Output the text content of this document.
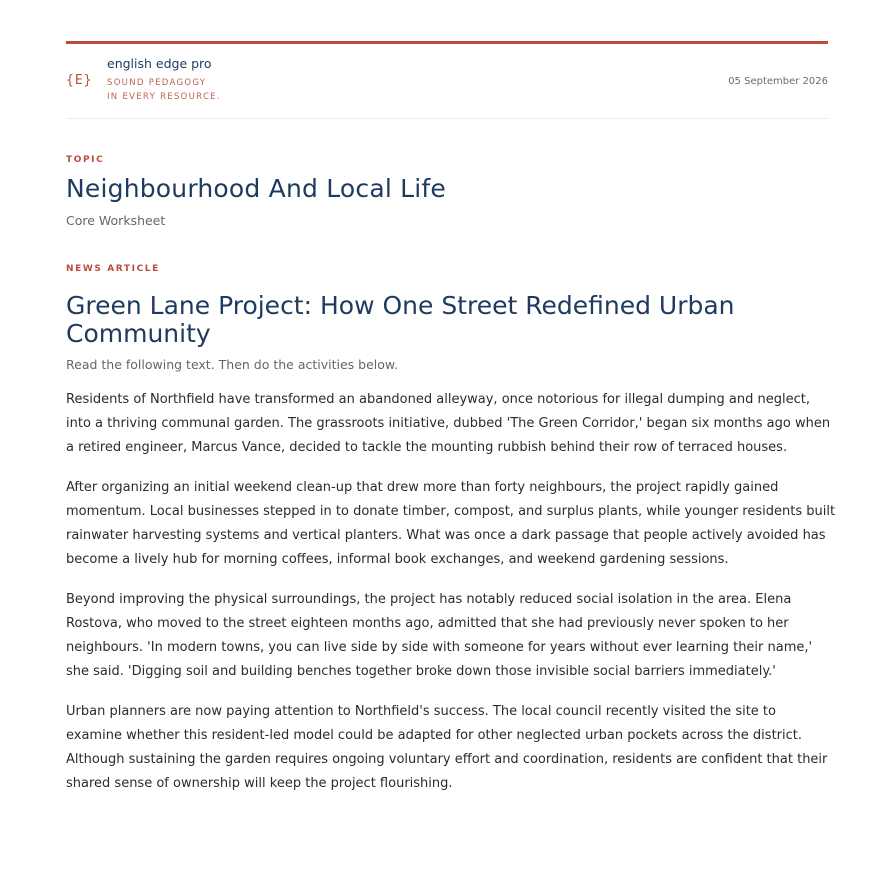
{E}
english edge pro
SOUND PEDAGOGY
IN EVERY RESOURCE.
05 September 2026
TOPIC
Neighbourhood And Local Life
Core Worksheet
NEWS ARTICLE
Green Lane Project: How One Street Redefined Urban Community
Read the following text. Then do the activities below.

Residents of Northfield have transformed an abandoned alleyway, once notorious for illegal dumping and neglect, into a thriving communal garden. The grassroots initiative, dubbed 'The Green Corridor,' began six months ago when a retired engineer, Marcus Vance, decided to tackle the mounting rubbish behind their row of terraced houses.

After organizing an initial weekend clean-up that drew more than forty neighbours, the project rapidly gained momentum. Local businesses stepped in to donate timber, compost, and surplus plants, while younger residents built rainwater harvesting systems and vertical planters. What was once a dark passage that people actively avoided has become a lively hub for morning coffees, informal book exchanges, and weekend gardening sessions.

Beyond improving the physical surroundings, the project has notably reduced social isolation in the area. Elena Rostova, who moved to the street eighteen months ago, admitted that she had previously never spoken to her neighbours. 'In modern towns, you can live side by side with someone for years without ever learning their name,' she said. 'Digging soil and building benches together broke down those invisible social barriers immediately.'

Urban planners are now paying attention to Northfield's success. The local council recently visited the site to examine whether this resident-led model could be adapted for other neglected urban pockets across the district. Although sustaining the garden requires ongoing voluntary effort and coordination, residents are confident that their shared sense of ownership will keep the project flourishing.
